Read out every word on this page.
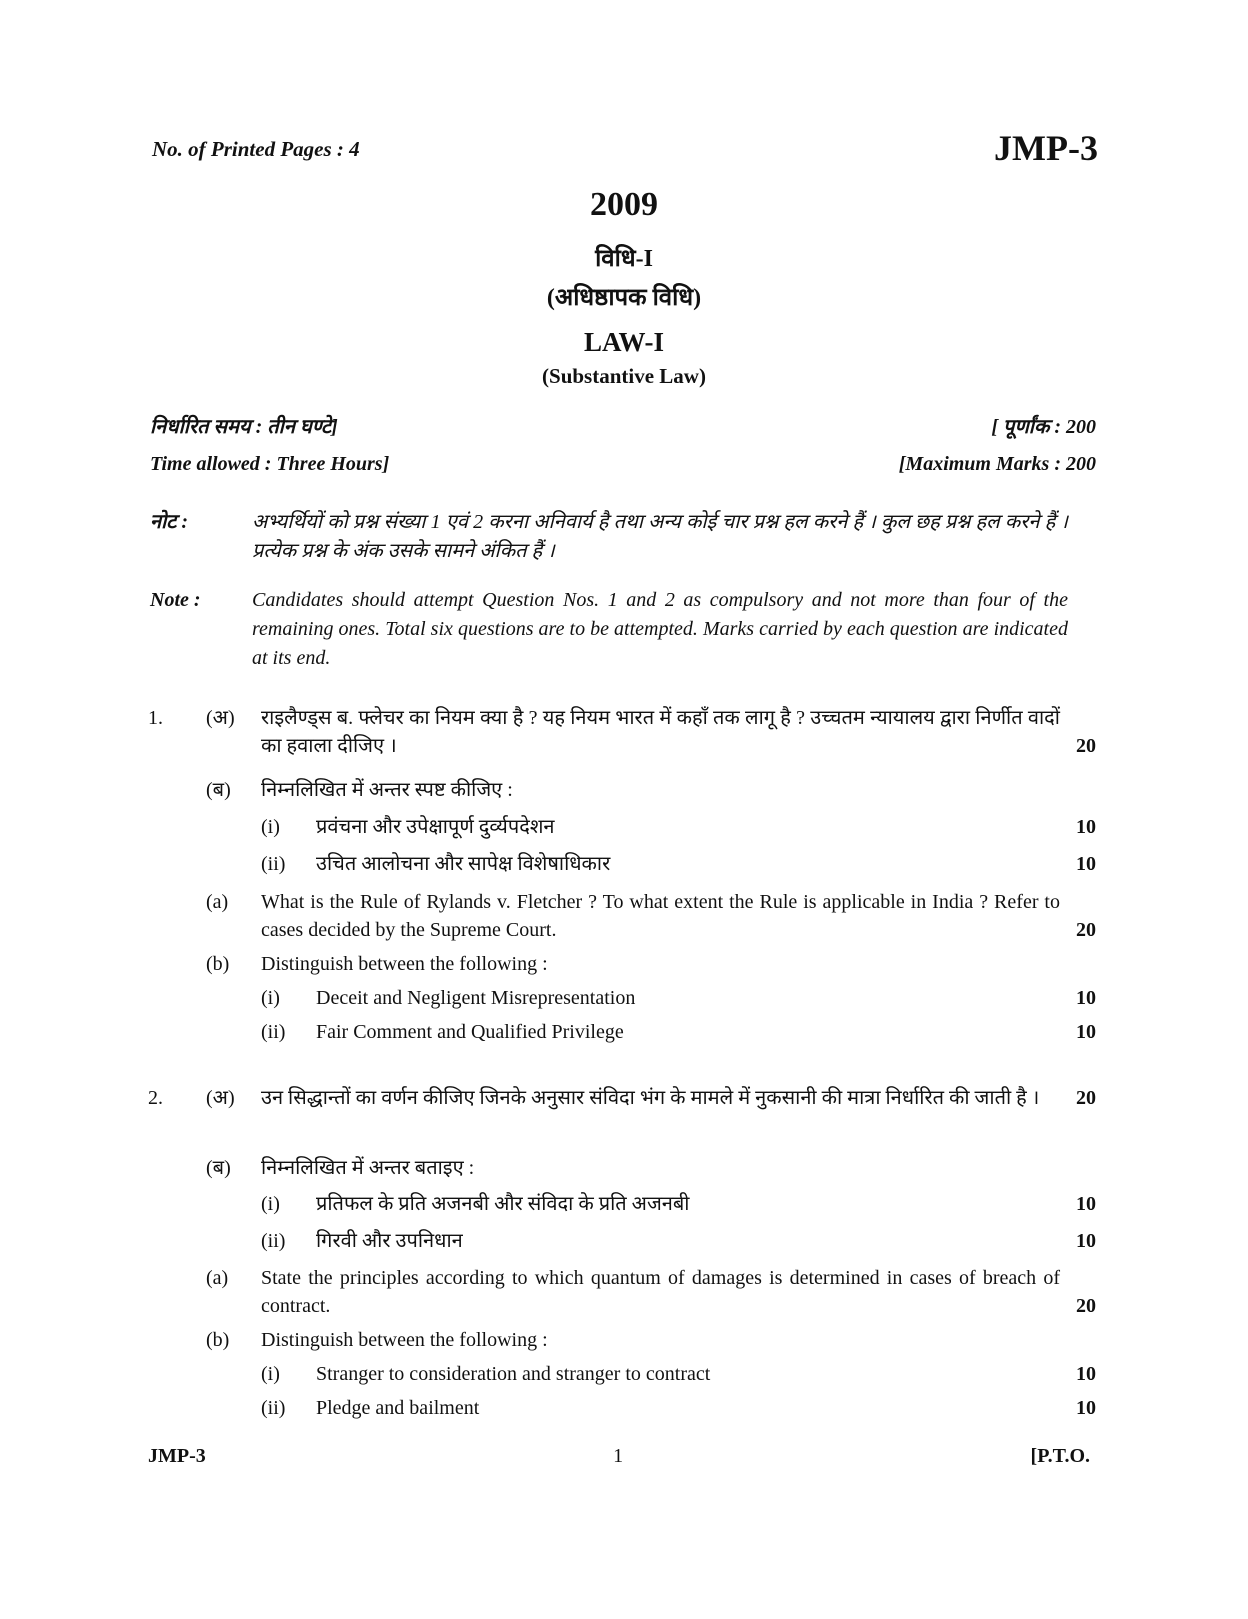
No. of Printed Pages : 4	JMP-3
2009
विधि-I
(अधिष्ठापक विधि)
LAW-I
(Substantive Law)
निर्धारित समय : तीन घण्टे]	[ पूर्णांक : 200
Time allowed : Three Hours]	[Maximum Marks : 200
नोट :	अभ्यर्थियों को प्रश्न संख्या 1 एवं 2 करना अनिवार्य है तथा अन्य कोई चार प्रश्न हल करने हैं । कुल छह प्रश्न हल करने हैं । प्रत्येक प्रश्न के अंक उसके सामने अंकित हैं ।
Note :	Candidates should attempt Question Nos. 1 and 2 as compulsory and not more than four of the remaining ones. Total six questions are to be attempted. Marks carried by each question are indicated at its end.
1.	(अ)	राइलैण्ड्स ब. फ्लेचर का नियम क्या है ? यह नियम भारत में कहाँ तक लागू है ? उच्चतम न्यायालय द्वारा निर्णीत वादों का हवाला दीजिए ।	20
(ब)	निम्नलिखित में अन्तर स्पष्ट कीजिए :
(i)	प्रवंचना और उपेक्षापूर्ण दुर्व्यपदेशन	10
(ii)	उचित आलोचना और सापेक्ष विशेषाधिकार	10
(a)	What is the Rule of Rylands v. Fletcher ? To what extent the Rule is applicable in India ? Refer to cases decided by the Supreme Court.	20
(b)	Distinguish between the following :
(i)	Deceit and Negligent Misrepresentation	10
(ii)	Fair Comment and Qualified Privilege	10
2.	(अ)	उन सिद्धान्तों का वर्णन कीजिए जिनके अनुसार संविदा भंग के मामले में नुकसानी की मात्रा निर्धारित की जाती है ।	20
(ब)	निम्नलिखित में अन्तर बताइए :
(i)	प्रतिफल के प्रति अजनबी और संविदा के प्रति अजनबी	10
(ii)	गिरवी और उपनिधान	10
(a)	State the principles according to which quantum of damages is determined in cases of breach of contract.	20
(b)	Distinguish between the following :
(i)	Stranger to consideration and stranger to contract	10
(ii)	Pledge and bailment	10
JMP-3	1	[P.T.O.
